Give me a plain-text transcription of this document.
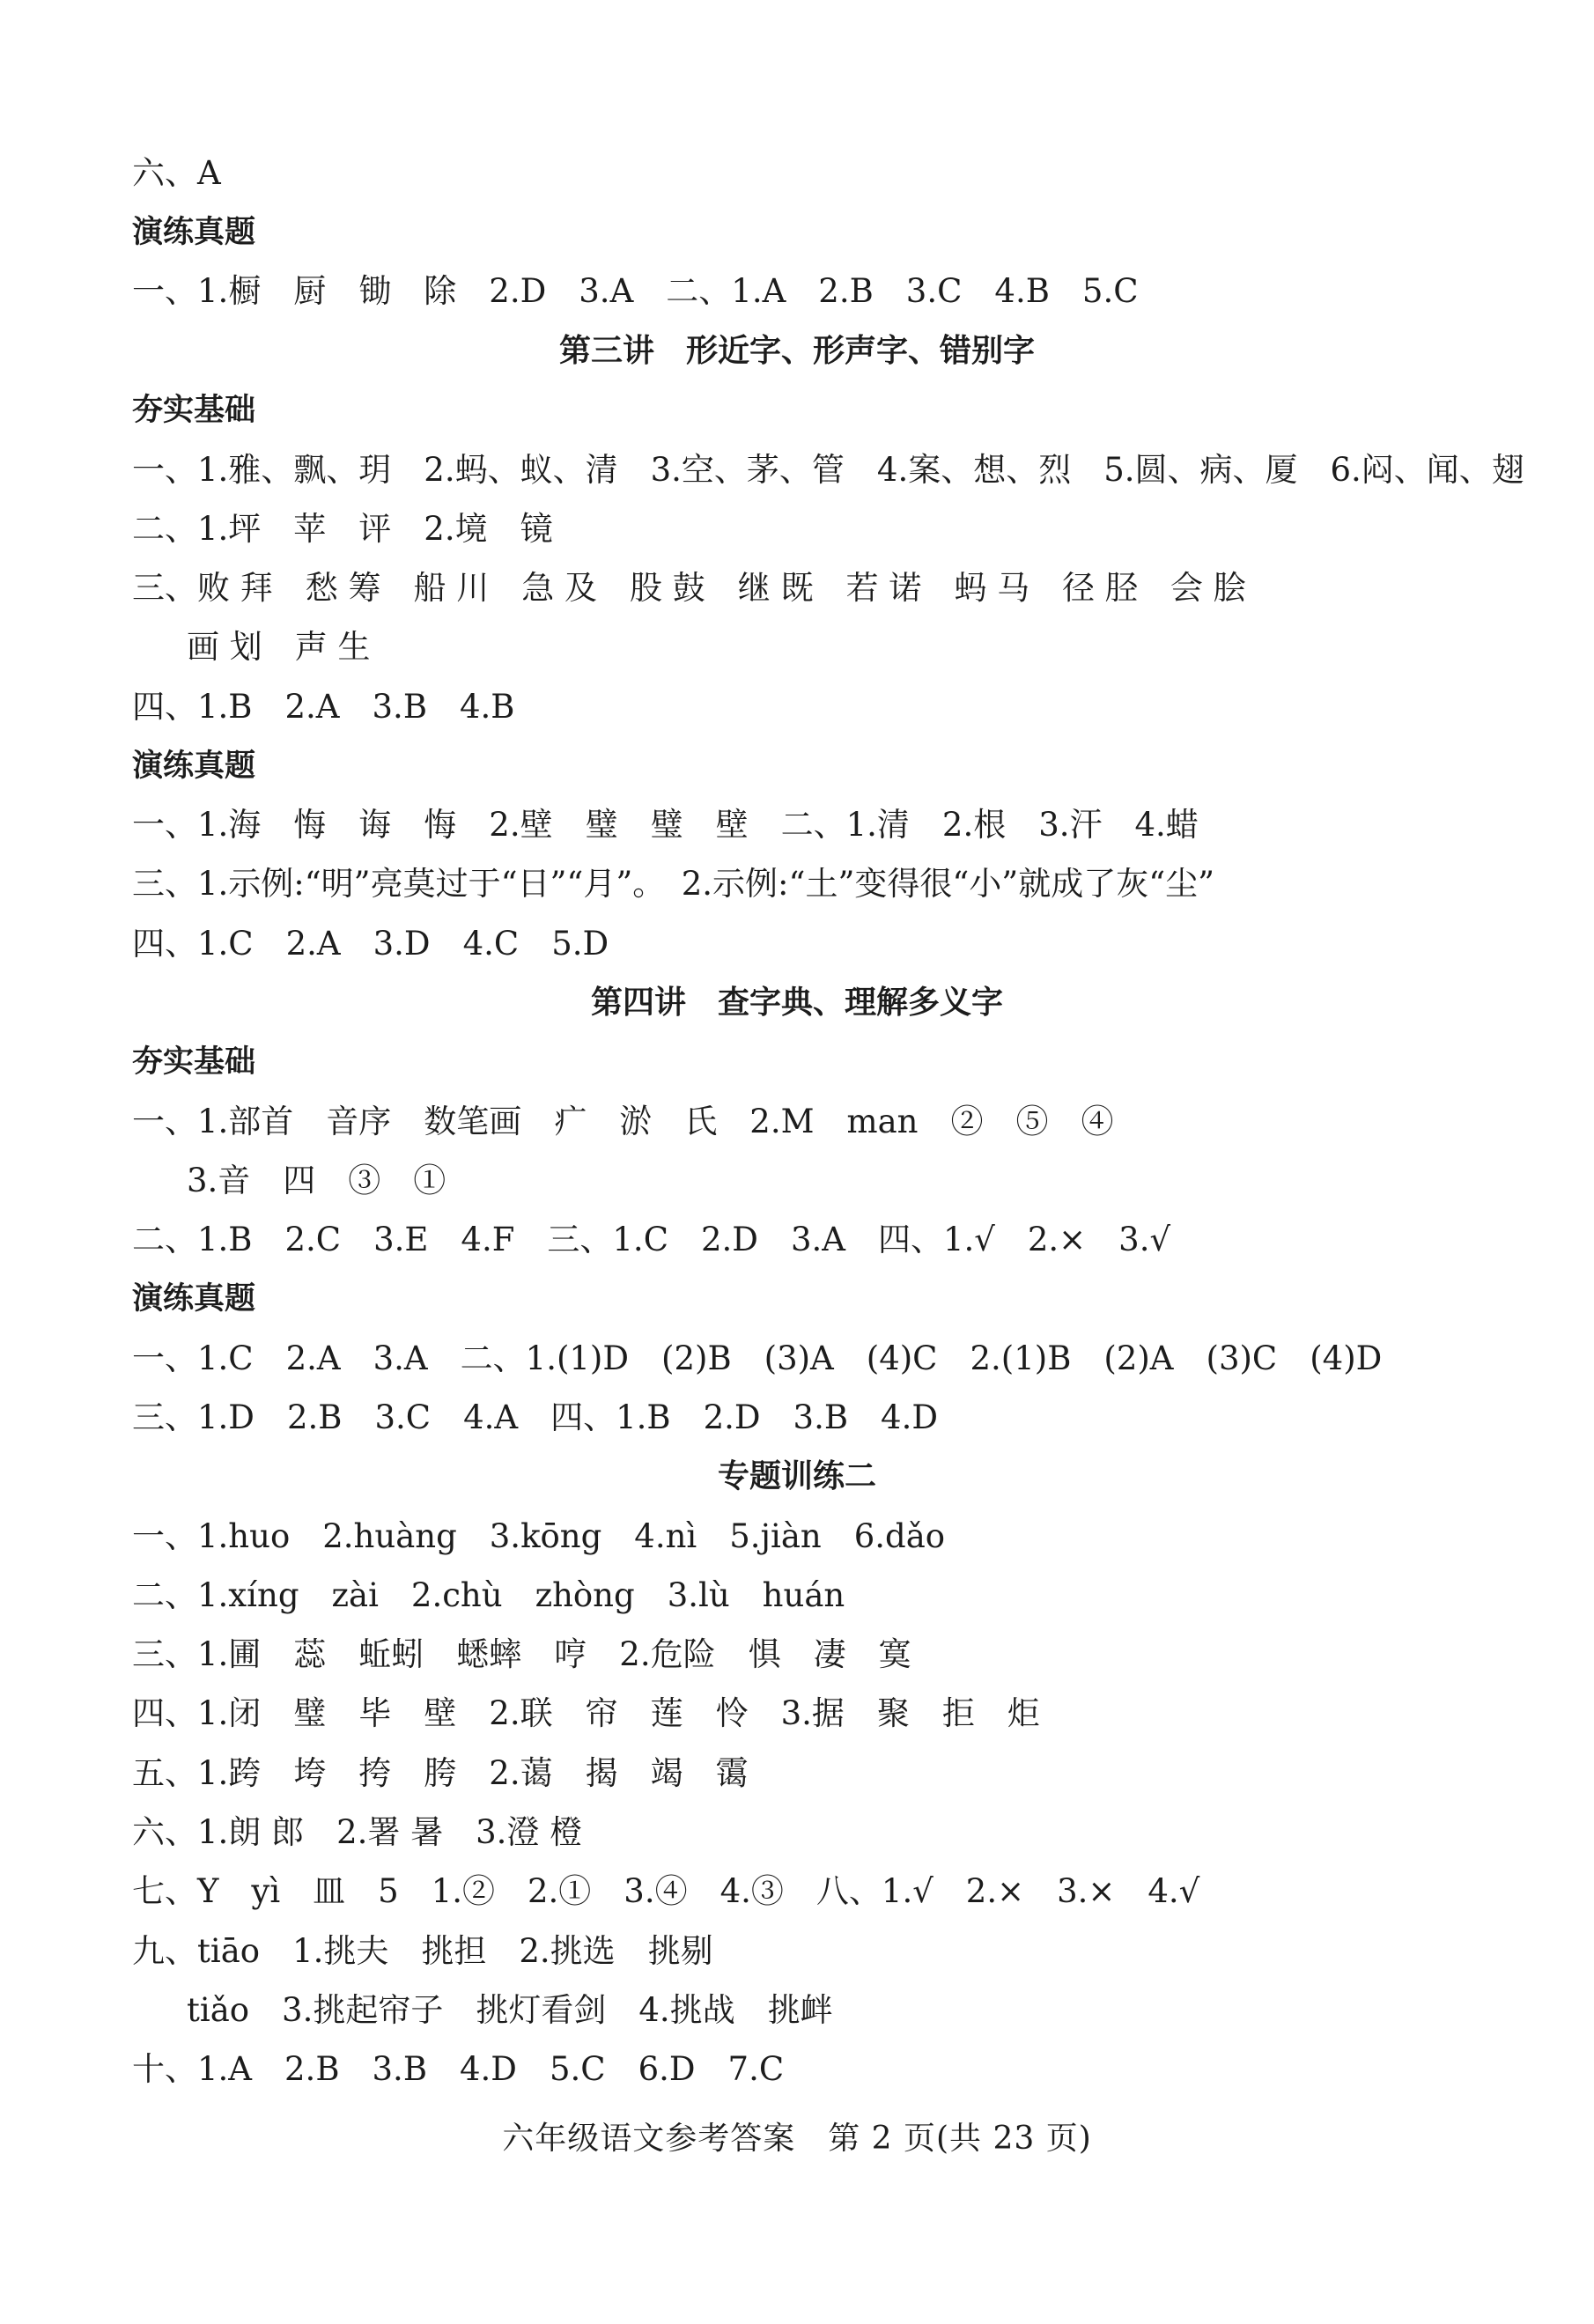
六、A
演练真题
一、1.橱　厨　锄　除　2.D　3.A　二、1.A　2.B　3.C　4.B　5.C
第三讲　形近字、形声字、错别字
夯实基础
一、1.雅、飘、玥　2.蚂、蚁、清　3.空、茅、管　4.案、想、烈　5.圆、病、厦　6.闷、闻、翅
二、1.坪　苹　评　2.境　镜
三、败 拜　愁 筹　船 川　急 及　股 鼓　继 既　若 诺　蚂 马　径 胫　会 脍
画 划　声 生
四、1.B　2.A　3.B　4.B
演练真题
一、1.海　悔　诲　悔　2.壁　璧　璧　壁　二、1.清　2.根　3.汗　4.蜡
三、1.示例:“明”亮莫过于“日”“月”。　2.示例:“土”变得很“小”就成了灰“尘”
四、1.C　2.A　3.D　4.C　5.D
第四讲　查字典、理解多义字
夯实基础
一、1.部首　音序　数笔画　疒　淤　氏　2.M　man　②　⑤　④
3.音　四　③　①
二、1.B　2.C　3.E　4.F　三、1.C　2.D　3.A　四、1.√　2.×　3.√
演练真题
一、1.C　2.A　3.A　二、1.(1)D　(2)B　(3)A　(4)C　2.(1)B　(2)A　(3)C　(4)D
三、1.D　2.B　3.C　4.A　四、1.B　2.D　3.B　4.D
专题训练二
一、1.huo　2.huàng　3.kōng　4.nì　5.jiàn　6.dǎo
二、1.xíng　zài　2.chù　zhòng　3.lù　huán
三、1.圃　蕊　蚯蚓　蟋蟀　哼　2.危险　惧　凄　寞
四、1.闭　璧　毕　壁　2.联　帘　莲　怜　3.据　聚　拒　炬
五、1.跨　垮　挎　胯　2.蔼　揭　竭　霭
六、1.朗 郎　2.署 暑　3.澄 橙
七、Y　yì　皿　5　1.②　2.①　3.④　4.③　八、1.√　2.×　3.×　4.√
九、tiāo　1.挑夫　挑担　2.挑选　挑剔
tiǎo　3.挑起帘子　挑灯看剑　4.挑战　挑衅
十、1.A　2.B　3.B　4.D　5.C　6.D　7.C
六年级语文参考答案　第 2 页(共 23 页)
